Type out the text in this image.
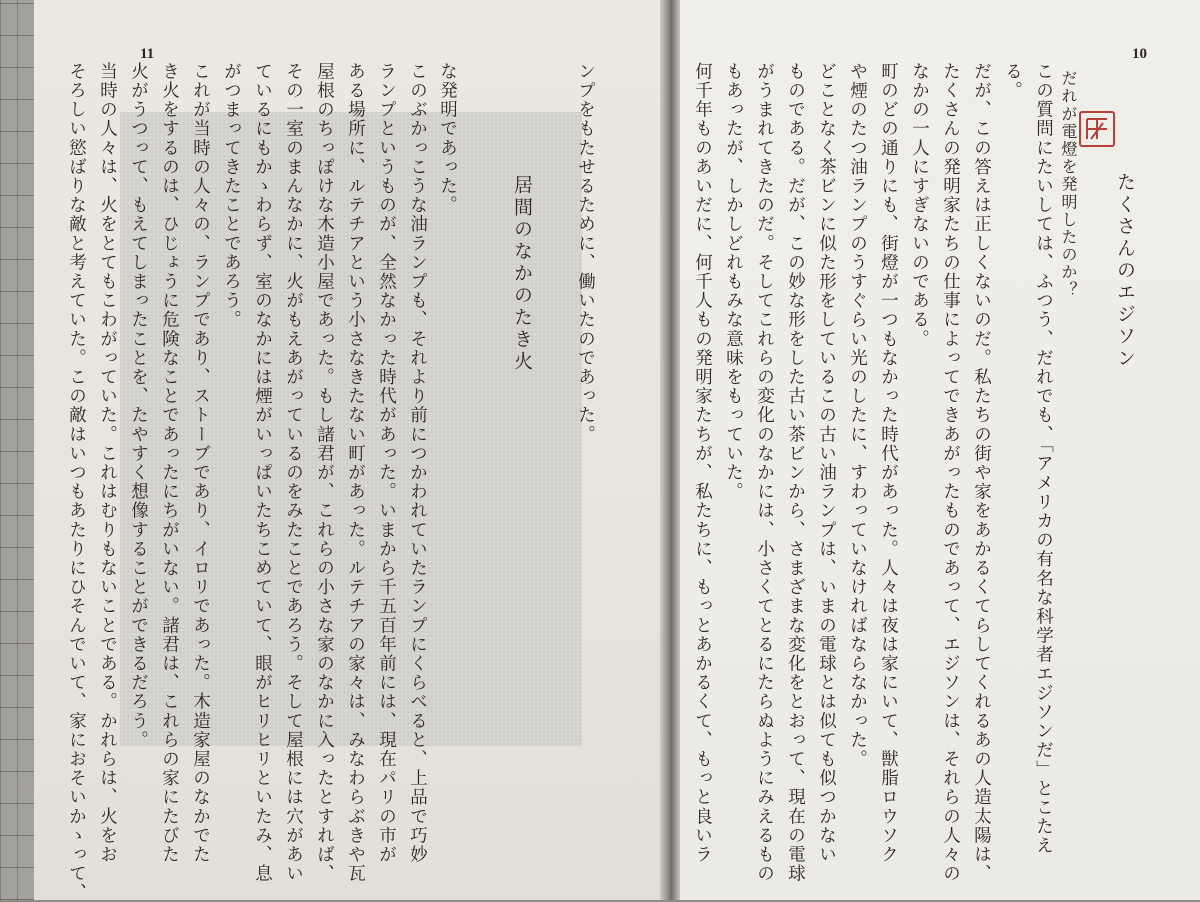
11	10
ンプをもたせるために、働いたのであった。
な発明であった。
このぶかっこうな油ランプも、それより前につかわれていたランプにくらべると、上品で巧妙	居間のなかのたき火
ランプというものが、全然なかった時代があった。いまから千五百年前には、現在パリの市が
ある場所に、ルテチアという小さなきたない町があった。ルテチアの家々は、みなわらぶきや瓦
屋根のちっぽけな木造小屋であった。もし諸君が、これらの小さな家のなかに入ったとすれば、
その一室のまんなかに、火がもえあがっているのをみたことであろう。そして屋根には穴があい
ているにもかゝわらず、室のなかには煙がいっぱいたちこめていて、眼がヒリヒリといたみ、息
がつまってきたことであろう。
これが当時の人々の、ランプであり、ストーブであり、イロリであった。木造家屋のなかでた
き火をするのは、ひじょうに危険なことであったにちがいない。諸君は、これらの家にたびた
火がうつって、もえてしまったことを、たやすく想像することができるだろう。
当時の人々は、火をとてもこわがっていた。これはむりもないことである。かれらは、火をお
そろしい慾ばりな敵と考えていた。この敵はいつもあたりにひそんでいて、家におそいかゝって、	たくさんのエジソン
だれが電燈を発明したのか？
この質問にたいしては、ふつう、だれでも、「アメリカの有名な科学者エジソンだ」とこたえ
る。
だが、この答えは正しくないのだ。私たちの街や家をあかるくてらしてくれるあの人造太陽は、
たくさんの発明家たちの仕事によってできあがったものであって、エジソンは、それらの人々の
なかの一人にすぎないのである。
町のどの通りにも、街燈が一つもなかった時代があった。人々は夜は家にいて、獣脂ロウソク
や煙のたつ油ランプのうすぐらい光のしたに、すわっていなければならなかった。
どことなく茶ビンに似た形をしているこの古い油ランプは、いまの電球とは似ても似つかない
ものである。だが、この妙な形をした古い茶ビンから、さまざまな変化をとおって、現在の電球
がうまれてきたのだ。そしてこれらの変化のなかには、小さくてとるにたらぬようにみえるもの
もあったが、しかしどれもみな意味をもっていた。
何千年ものあいだに、何千人もの発明家たちが、私たちに、もっとあかるくて、もっと良いラ
